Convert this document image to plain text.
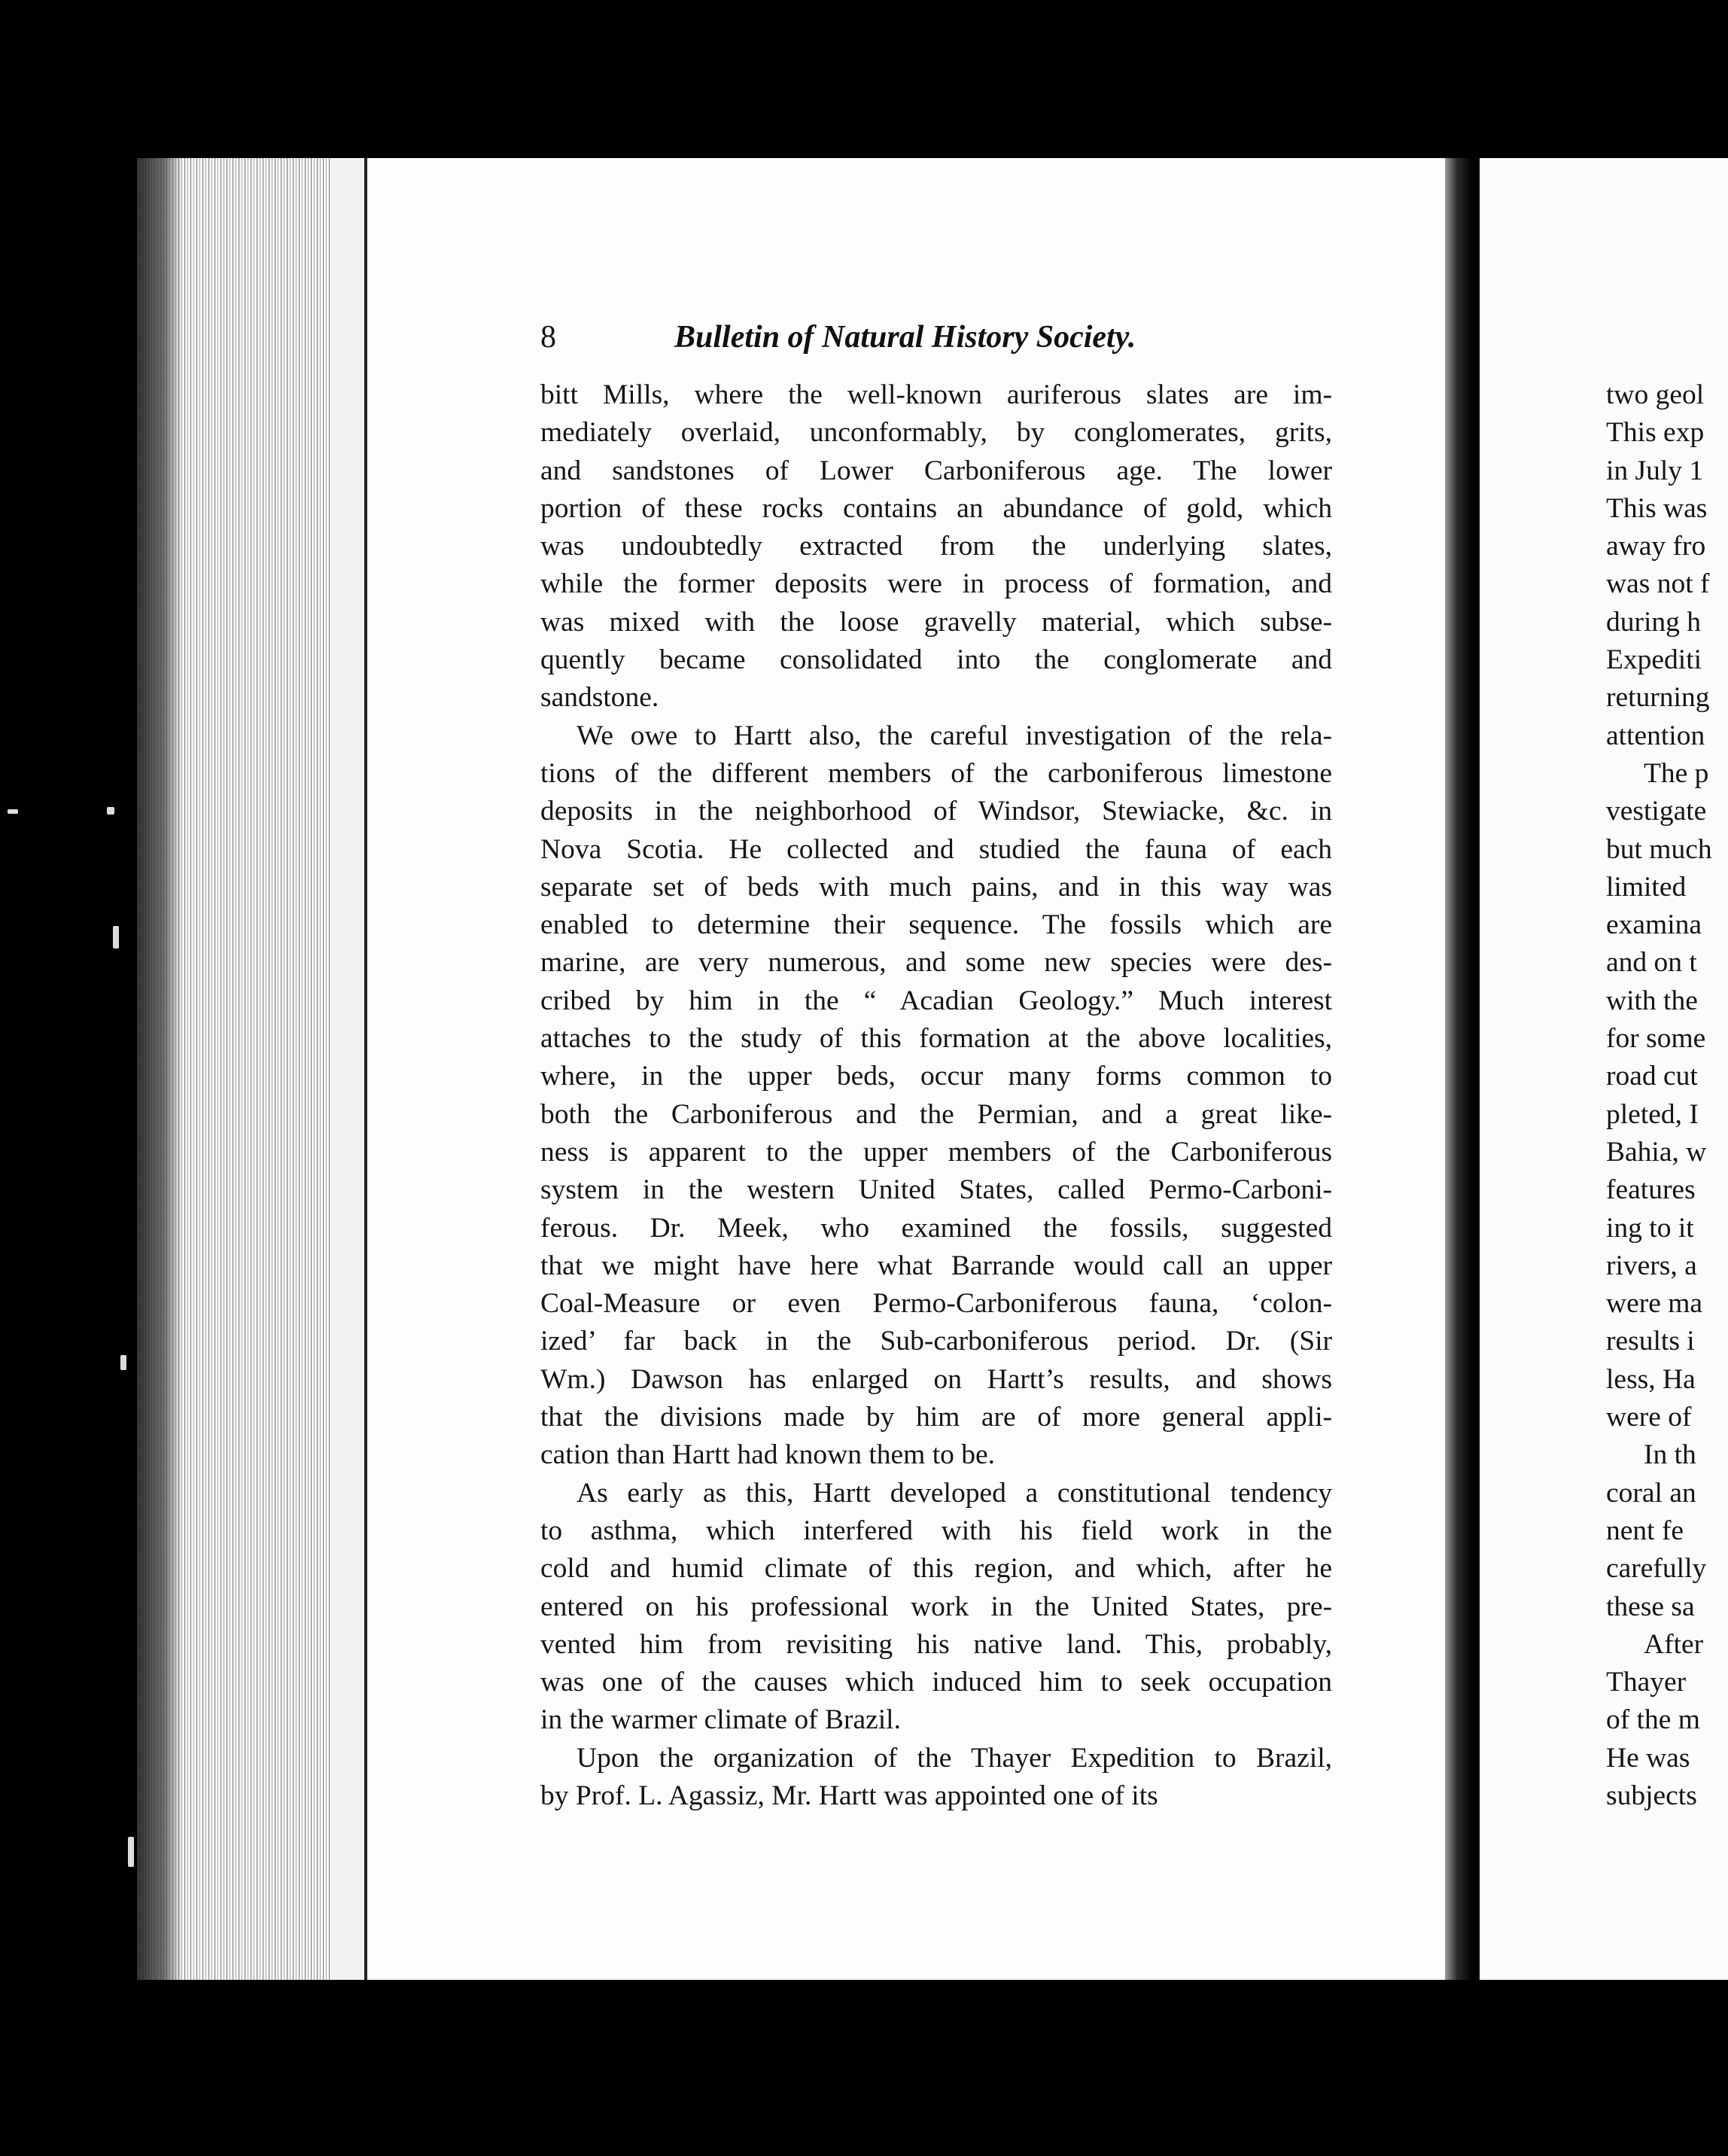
8	Bulletin of Natural History Society.

bitt Mills, where the well-known auriferous slates are im-
mediately overlaid, unconformably, by conglomerates, grits,
and sandstones of Lower Carboniferous age. The lower
portion of these rocks contains an abundance of gold, which
was undoubtedly extracted from the underlying slates,
while the former deposits were in process of formation, and
was mixed with the loose gravelly material, which subse-
quently became consolidated into the conglomerate and
sandstone.

We owe to Hartt also, the careful investigation of the rela-
tions of the different members of the carboniferous limestone
deposits in the neighborhood of Windsor, Stewiacke, &c. in
Nova Scotia. He collected and studied the fauna of each
separate set of beds with much pains, and in this way was
enabled to determine their sequence. The fossils which are
marine, are very numerous, and some new species were des-
cribed by him in the “ Acadian Geology.” Much interest
attaches to the study of this formation at the above localities,
where, in the upper beds, occur many forms common to
both the Carboniferous and the Permian, and a great like-
ness is apparent to the upper members of the Carboniferous
system in the western United States, called Permo-Carboni-
ferous. Dr. Meek, who examined the fossils, suggested
that we might have here what Barrande would call an upper
Coal-Measure or even Permo-Carboniferous fauna, ‘colon-
ized’ far back in the Sub-carboniferous period. Dr. (Sir
Wm.) Dawson has enlarged on Hartt’s results, and shows
that the divisions made by him are of more general appli-
cation than Hartt had known them to be.

As early as this, Hartt developed a constitutional tendency
to asthma, which interfered with his field work in the
cold and humid climate of this region, and which, after he
entered on his professional work in the United States, pre-
vented him from revisiting his native land. This, probably,
was one of the causes which induced him to seek occupation
in the warmer climate of Brazil.

Upon the organization of the Thayer Expedition to Brazil,
by Prof. L. Agassiz, Mr. Hartt was appointed one of its

two geol
This exp
in July 1
This was
away fro
was not f
during h
Expediti
returning
attention
The p
vestigate
but much
limited
examina
and on t
with the
for some
road cut
pleted, I
Bahia, w
features
ing to it
rivers, a
were ma
results i
less, Ha
were of
In th
coral an
nent fe
carefully
these sa
After
Thayer
of the m
He was
subjects
